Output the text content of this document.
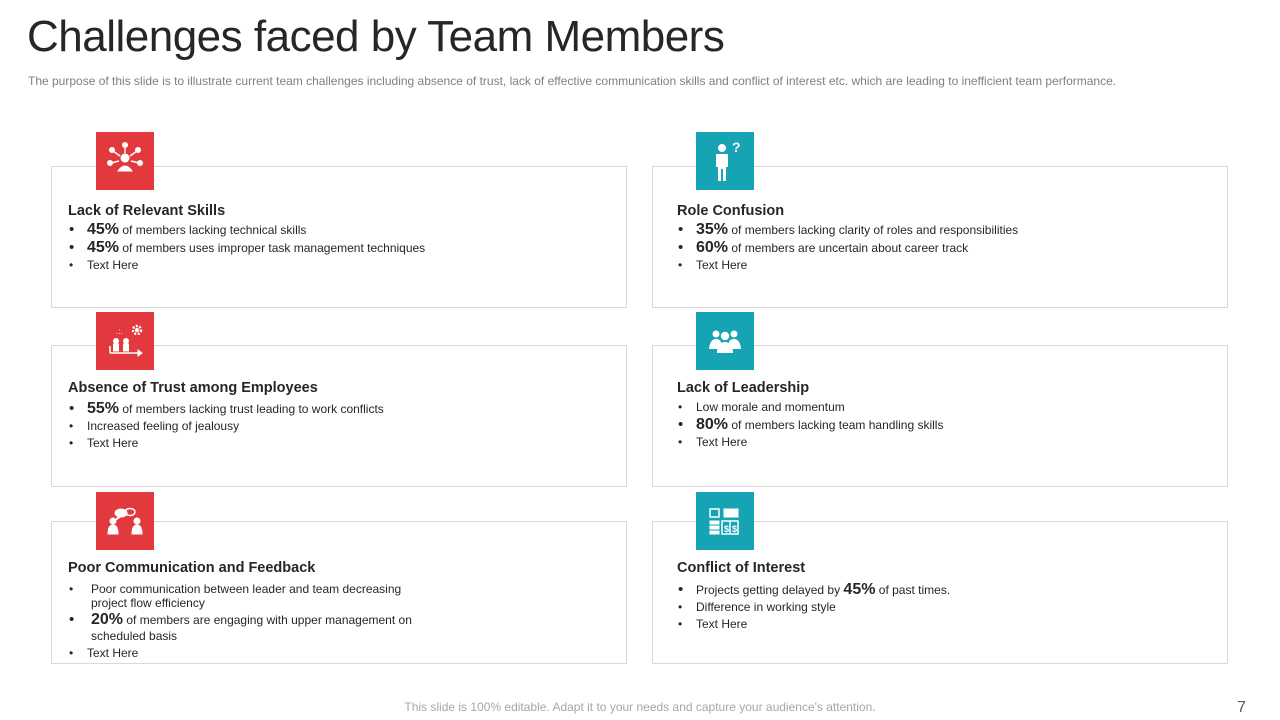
Challenges faced by Team Members

The purpose of this slide is to illustrate current team challenges including absence of trust, lack of effective communication skills and conflict of interest etc. which are leading to inefficient team performance.

Lack of Relevant Skills
• 45% of members lacking technical skills
• 45% of members uses improper task management techniques
• Text Here
Role Confusion
• 35% of members lacking clarity of roles and responsibilities
• 60% of members are uncertain about career track
• Text Here
?
Absence of Trust among Employees
• 55% of members lacking trust leading to work conflicts
• Increased feeling of jealousy
• Text Here
.:.
Lack of Leadership
• Low morale and momentum
• 80% of members lacking team handling skills
• Text Here
Poor Communication and Feedback
• Poor communication between leader and team decreasing project flow efficiency
• 20% of members are engaging with upper management on scheduled basis
• Text Here
Conflict of Interest
• Projects getting delayed by 45% of past times.
• Difference in working style
• Text Here
$ $
This slide is 100% editable. Adapt it to your needs and capture your audience's attention.	7
